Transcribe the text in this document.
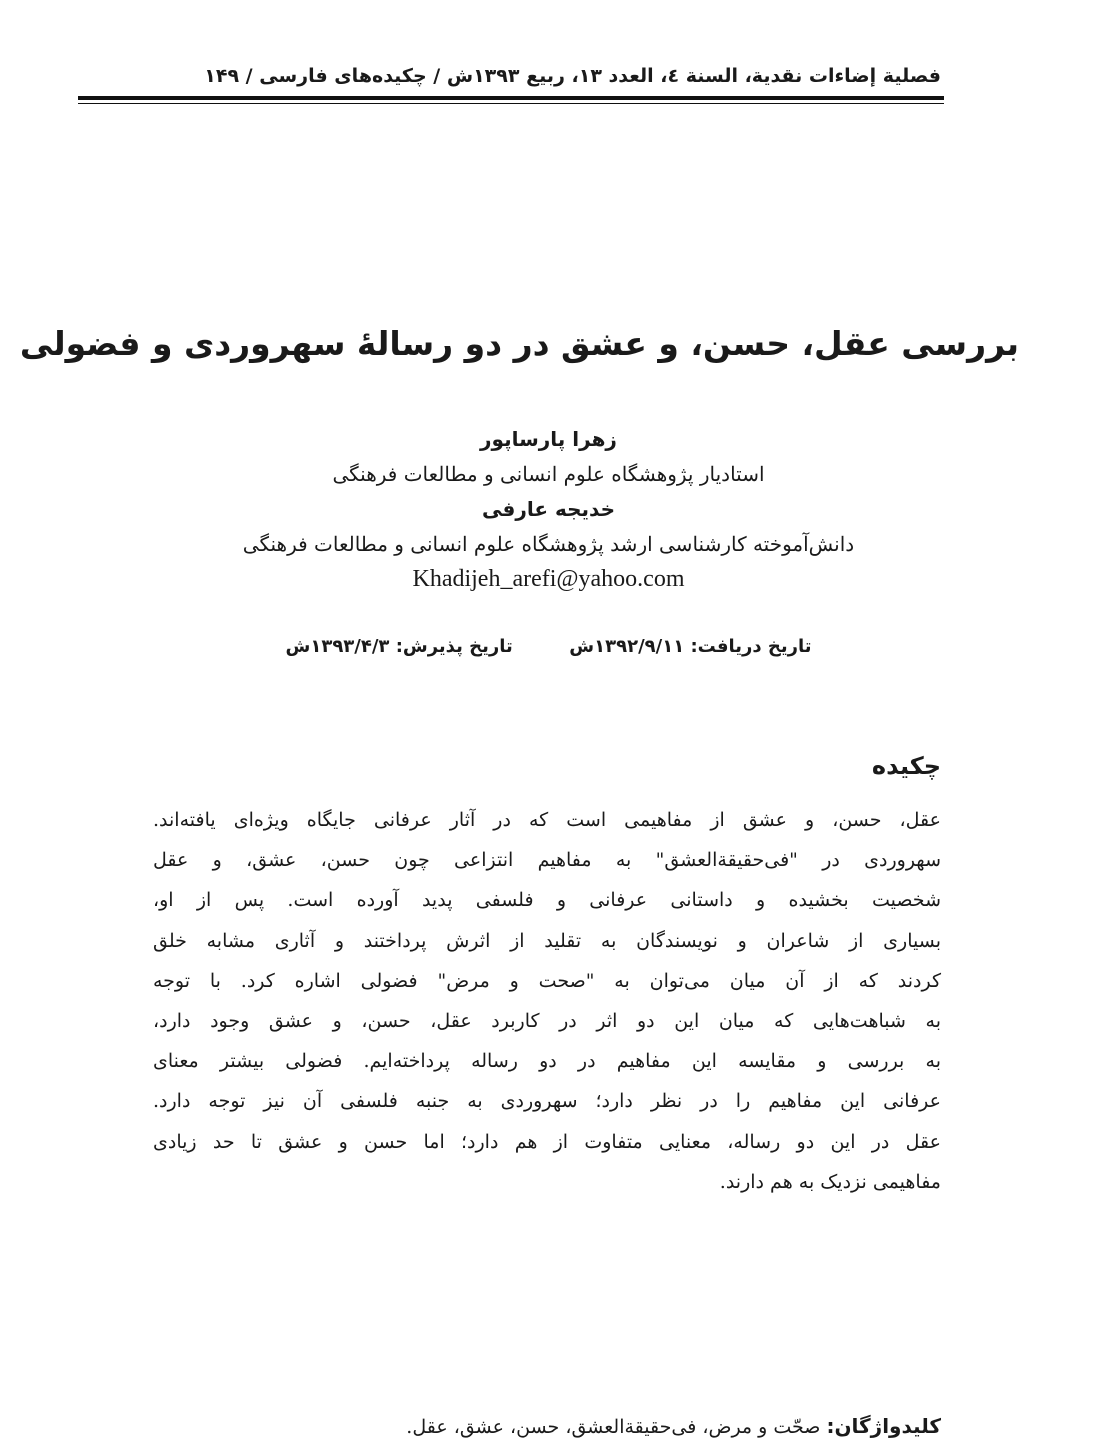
فصلية إضاءات نقدية، السنة ٤، العدد ١٣، ربيع ١٣٩٣ش / چکیده‌های فارسی / ۱۴۹
بررسی عقل، حسن، و عشق در دو رسالۀ سهروردی و فضولی
زهرا پارساپور
استادیار پژوهشگاه علوم انسانی و مطالعات فرهنگی
خدیجه عارفی
دانش‌آموخته کارشناسی ارشد پژوهشگاه علوم انسانی و مطالعات فرهنگی
Khadijeh_arefi@yahoo.com
تاریخ دریافت: ۱۳۹۲/۹/۱۱ش  تاریخ پذیرش: ۱۳۹۳/۴/۳ش
چکیده
عقل، حسن، و عشق از مفاهیمی است که در آثار عرفانی جایگاه ویژه‌ای یافته‌اند.
سهروردی در "فی‌حقیقة‌العشق" به مفاهیم انتزاعی چون حسن، عشق، و عقل
شخصیت بخشیده و داستانی عرفانی و فلسفی پدید آورده است. پس از او،
بسیاری از شاعران و نویسندگان به تقلید از اثرش پرداختند و آثاری مشابه خلق
کردند که از آن میان می‌توان به "صحت و مرض" فضولی اشاره کرد. با توجه
به شباهت‌هایی که میان این دو اثر در کاربرد عقل، حسن، و عشق وجود دارد،
به بررسی و مقایسه این مفاهیم در دو رساله پرداخته‌ایم. فضولی بیشتر معنای
عرفانی این مفاهیم را در نظر دارد؛ سهروردی به جنبه فلسفی آن نیز توجه دارد.
عقل در این دو رساله، معنایی متفاوت از هم دارد؛ اما حسن و عشق تا حد زیادی
مفاهیمی نزدیک به هم دارند.
کلیدواژگان: صحّت و مرض، فی‌حقیقة‌العشق، حسن، عشق، عقل.
